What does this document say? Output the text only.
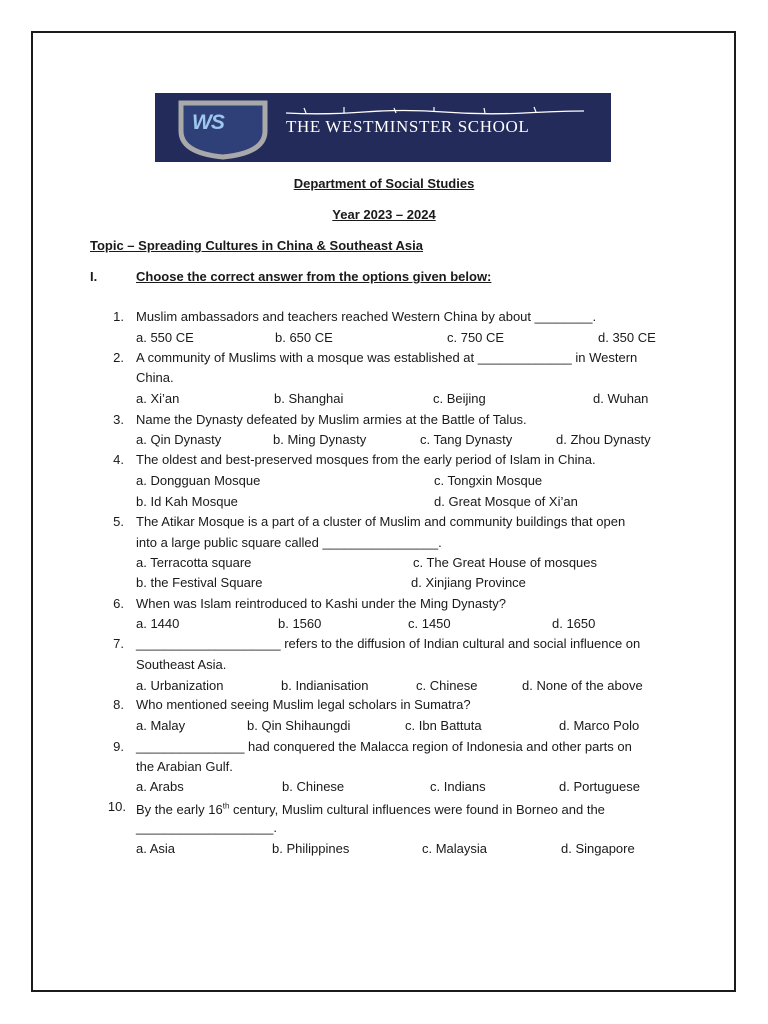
WS	THE WESTMINSTER SCHOOL
Department of Social Studies
Year 2023 – 2024
Topic – Spreading Cultures in China & Southeast Asia
I.	Choose the correct answer from the options given below:
1. Muslim ambassadors and teachers reached Western China by about ________.
a. 550 CE	b. 650 CE	c. 750 CE	d. 350 CE
2. A community of Muslims with a mosque was established at _____________ in Western
China.
a. Xi’an	b. Shanghai	c. Beijing	d. Wuhan
3. Name the Dynasty defeated by Muslim armies at the Battle of Talus.
a. Qin Dynasty	b. Ming Dynasty	c. Tang Dynasty	d. Zhou Dynasty
4. The oldest and best-preserved mosques from the early period of Islam in China.
a. Dongguan Mosque	c. Tongxin Mosque
b. Id Kah Mosque	d. Great Mosque of Xi’an
5. The Atikar Mosque is a part of a cluster of Muslim and community buildings that open
into a large public square called ________________.
a. Terracotta square	c. The Great House of mosques
b. the Festival Square	d. Xinjiang Province
6. When was Islam reintroduced to Kashi under the Ming Dynasty?
a. 1440	b. 1560	c. 1450	d. 1650
7. ____________________ refers to the diffusion of Indian cultural and social influence on
Southeast Asia.
a. Urbanization	b. Indianisation	c. Chinese	d. None of the above
8. Who mentioned seeing Muslim legal scholars in Sumatra?
a. Malay	b. Qin Shihaungdi	c. Ibn Battuta	d. Marco Polo
9. _______________ had conquered the Malacca region of Indonesia and other parts on
the Arabian Gulf.
a. Arabs	b. Chinese	c. Indians	d. Portuguese
10. By the early 16th century, Muslim cultural influences were found in Borneo and the
___________________.
a. Asia	b. Philippines	c. Malaysia	d. Singapore
